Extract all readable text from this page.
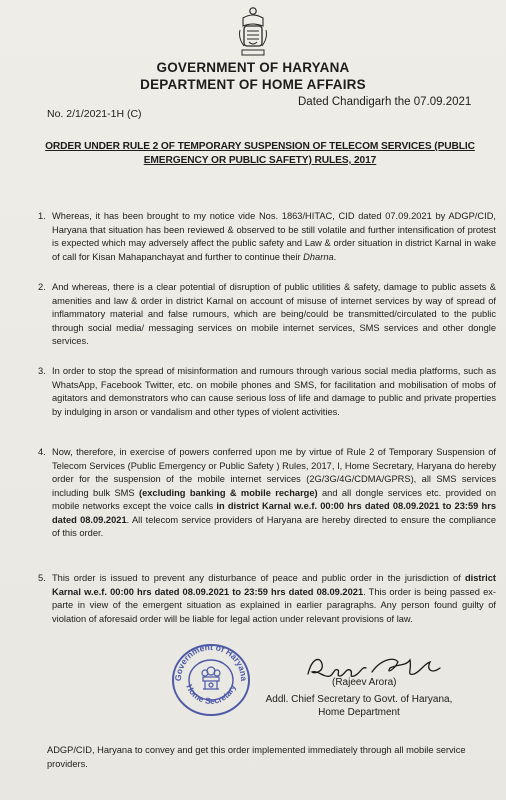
GOVERNMENT OF HARYANA
DEPARTMENT OF HOME AFFAIRS
No. 2/1/2021-1H (C)
Dated Chandigarh the 07.09.2021
ORDER UNDER RULE 2 OF TEMPORARY SUSPENSION OF TELECOM SERVICES (PUBLIC EMERGENCY OR PUBLIC SAFETY) RULES, 2017
1. Whereas, it has been brought to my notice vide Nos. 1863/HITAC, CID dated 07.09.2021 by ADGP/CID, Haryana that situation has been reviewed & observed to be still volatile and further intensification of protest is expected which may adversely affect the public safety and Law & order situation in district Karnal in wake of call for Kisan Mahapanchayat and further to continue their Dharna.
2. And whereas, there is a clear potential of disruption of public utilities & safety, damage to public assets & amenities and law & order in district Karnal on account of misuse of internet services by way of spread of inflammatory material and false rumours, which are being/could be transmitted/circulated to the public through social media/ messaging services on mobile internet services, SMS services and other dongle services.
3. In order to stop the spread of misinformation and rumours through various social media platforms, such as WhatsApp, Facebook Twitter, etc. on mobile phones and SMS, for facilitation and mobilisation of mobs of agitators and demonstrators who can cause serious loss of life and damage to public and private properties by indulging in arson or vandalism and other types of violent activities.
4. Now, therefore, in exercise of powers conferred upon me by virtue of Rule 2 of Temporary Suspension of Telecom Services (Public Emergency or Public Safety ) Rules, 2017, I, Home Secretary, Haryana do hereby order for the suspension of the mobile internet services (2G/3G/4G/CDMA/GPRS), all SMS services including bulk SMS (excluding banking & mobile recharge) and all dongle services etc. provided on mobile networks except the voice calls in district Karnal w.e.f. 00:00 hrs dated 08.09.2021 to 23:59 hrs dated 08.09.2021. All telecom service providers of Haryana are hereby directed to ensure the compliance of this order.
5. This order is issued to prevent any disturbance of peace and public order in the jurisdiction of district Karnal w.e.f. 00:00 hrs dated 08.09.2021 to 23:59 hrs dated 08.09.2021. This order is being passed ex-parte in view of the emergent situation as explained in earlier paragraphs. Any person found guilty of violation of aforesaid order will be liable for legal action under relevant provisions of law.
Government of Haryana
Home Secretary	(Rajeev Arora)
Addl. Chief Secretary to Govt. of Haryana,
Home Department
ADGP/CID, Haryana to convey and get this order implemented immediately through all mobile service providers.
